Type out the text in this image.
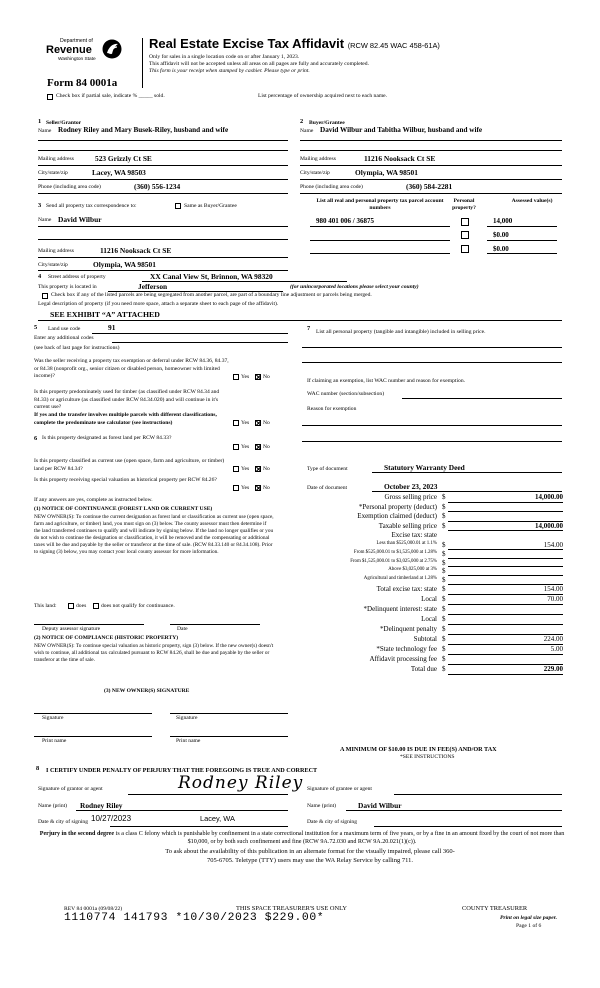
Department of
Revenue
Washington State
Real Estate Excise Tax Affidavit (RCW 82.45 WAC 458-61A)
Only for sales in a single location code on or after January 1, 2023.
This affidavit will not be accepted unless all areas on all pages are fully and accurately completed.
This form is your receipt when stamped by cashier. Please type or print.
Form 84 0001a
Check box if partial sale, indicate % _____ sold.	List percentage of ownership acquired next to each name.
1 Seller/Grantor
Name Rodney Riley and Mary Busek-Riley, husband and wife
2 Buyer/Grantee
Name David Wilbur and Tabitha Wilbur, husband and wife
Mailing address	523 Grizzly Ct SE
City/state/zip	Lacey, WA 98503
Phone (including area code)	(360) 556-1234
Mailing address	11216 Nooksack Ct SE
City/state/zip	Olympia, WA 98501
Phone (including area code)	(360) 584-2281
3 Send all property tax correspondence to:	Same as Buyer/Grantee
Name David Wilbur
Mailing address	11216 Nooksack Ct SE
City/state/zip	Olympia, WA 98501
List all real and personal property tax parcel account numbers
Personal property?
Assessed value(s)
980 401 006 / 36875	14,000
$0.00
$0.00
4 Street address of property	XX Canal View St, Brinnon, WA 98320
This property is located in	Jefferson	(for unincorporated locations please select your county)
Check box if any of the listed parcels are being segregated from another parcel, are part of a boundary line adjustment or parcels being merged.
Legal description of property (if you need more space, attach a separate sheet to each page of the affidavit).
SEE EXHIBIT “A” ATTACHED
5 Land use code	91
Enter any additional codes
(see back of last page for instructions)
Was the seller receiving a property tax exemption or deferral under RCW 84.36, 84.37, or 84.38 (nonprofit org., senior citizen or disabled person, homeowner with limited income)?	Yes No
Is this property predominately used for timber (as classified under RCW 84.34 and 84.33) or agriculture (as classified under RCW 84.34.020) and will continue in it's current use?
If yes and the transfer involves multiple parcels with different classifications, complete the predominate use calculator (see instructions)	Yes No
6 Is this property designated as forest land per RCW 84.33?
Yes No
Is this property classified as current use (open space, farm and agriculture, or timber) land per RCW 84.34?	Yes No
Is this property receiving special valuation as historical property per RCW 84.26?
Yes No
If any answers are yes, complete as instructed below.
(1) NOTICE OF CONTINUANCE (FOREST LAND OR CURRENT USE)
NEW OWNER(S): To continue the current designation as forest land or classification as current use (open space, farm and agriculture, or timber) land, you must sign on (3) below. The county assessor must then determine if the land transferred continues to qualify and will indicate by signing below. If the land no longer qualifies or you do not wish to continue the designation or classification, it will be removed and the compensating or additional taxes will be due and payable by the seller or transferor at the time of sale. (RCW 84.33.140 or 84.34.108). Prior to signing (3) below, you may contact your local county assessor for more information.
This land:	does	does not qualify for continuance.
Deputy assessor signature	Date
(2) NOTICE OF COMPLIANCE (HISTORIC PROPERTY)
NEW OWNER(S): To continue special valuation as historic property, sign (3) below. If the new owner(s) doesn't wish to continue, all additional tax calculated pursuant to RCW 84.26, shall be due and payable by the seller or transferor at the time of sale.
(3) NEW OWNER(S) SIGNATURE
Signature	Signature
Print name	Print name
7 List all personal property (tangible and intangible) included in selling price.
If claiming an exemption, list WAC number and reason for exemption.
WAC number (section/subsection)
Reason for exemption
Type of document	Statutory Warranty Deed
Date of document	October 23, 2023
Gross selling price $	14,000.00
*Personal property (deduct) $
Exemption claimed (deduct) $
Taxable selling price $	14,000.00
Excise tax: state
Less than $525,000.01 at 1.1% $	154.00
From $525,000.01 to $1,525,000 at 1.28% $
From $1,525,000.01 to $3,025,000 at 2.75% $
Above $3,025,000 at 3% $
Agricultural and timberland at 1.28% $
Total excise tax: state $	154.00
Local $	70.00
*Delinquent interest: state $
Local $
*Delinquent penalty $
Subtotal $	224.00
*State technology fee $	5.00
Affidavit processing fee $
Total due $	229.00
A MINIMUM OF $10.00 IS DUE IN FEE(S) AND/OR TAX
*SEE INSTRUCTIONS
8 I CERTIFY UNDER PENALTY OF PERJURY THAT THE FOREGOING IS TRUE AND CORRECT
Signature of grantor or agent	Rodney Riley Signature of grantee or agent
Name (print) Rodney Riley	Name (print)	David Wilbur
Date & city of signing 10/27/2023	Lacey, WA	Date & city of signing
Perjury in the second degree is a class C felony which is punishable by confinement in a state correctional institution for a maximum term of five years, or by a fine in an amount fixed by the court of not more than $10,000, or by both such confinement and fine (RCW 9A.72.030 and RCW 9A.20.021(1)(c)).
To ask about the availability of this publication in an alternate format for the visually impaired, please call 360-705-6705. Teletype (TTY) users may use the WA Relay Service by calling 711.
REV 84 0001a (09/08/22)	THIS SPACE TREASURER'S USE ONLY	COUNTY TREASURER
Print on legal size paper.
Page 1 of 6
1110774 141793 *10/30/2023 $229.00*
